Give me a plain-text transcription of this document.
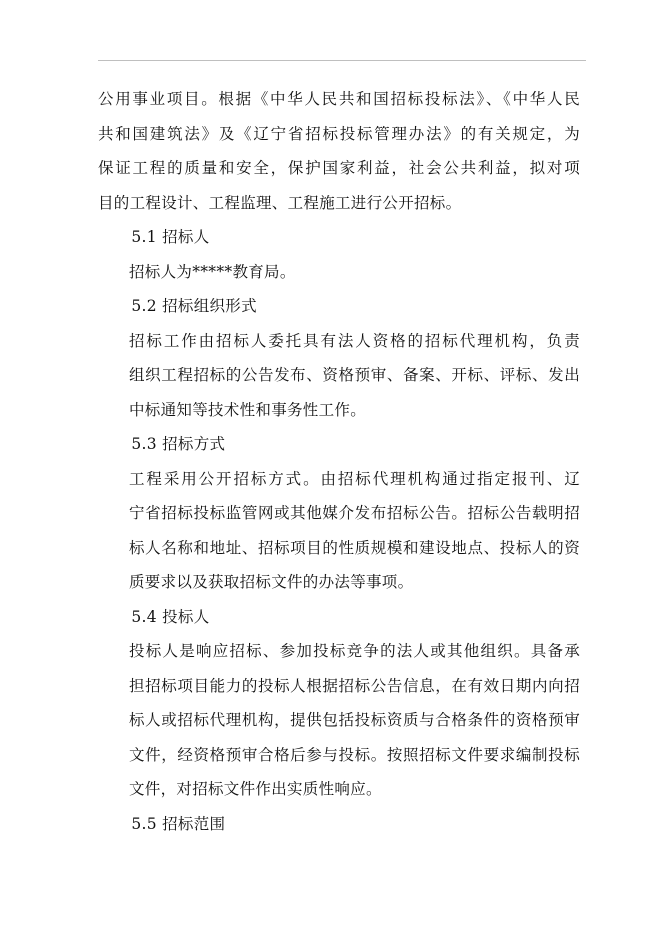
公用事业项目。根据《中华人民共和国招标投标法》、《中华人民
共和国建筑法》及《辽宁省招标投标管理办法》的有关规定，为
保证工程的质量和安全，保护国家利益，社会公共利益，拟对项
目的工程设计、工程监理、工程施工进行公开招标。
5.1 招标人
招标人为*****教育局。
5.2 招标组织形式
招标工作由招标人委托具有法人资格的招标代理机构，负责
组织工程招标的公告发布、资格预审、备案、开标、评标、发出
中标通知等技术性和事务性工作。
5.3 招标方式
工程采用公开招标方式。由招标代理机构通过指定报刊、辽
宁省招标投标监管网或其他媒介发布招标公告。招标公告载明招
标人名称和地址、招标项目的性质规模和建设地点、投标人的资
质要求以及获取招标文件的办法等事项。
5.4 投标人
投标人是响应招标、参加投标竞争的法人或其他组织。具备承
担招标项目能力的投标人根据招标公告信息，在有效日期内向招
标人或招标代理机构，提供包括投标资质与合格条件的资格预审
文件，经资格预审合格后参与投标。按照招标文件要求编制投标
文件，对招标文件作出实质性响应。
5.5 招标范围
